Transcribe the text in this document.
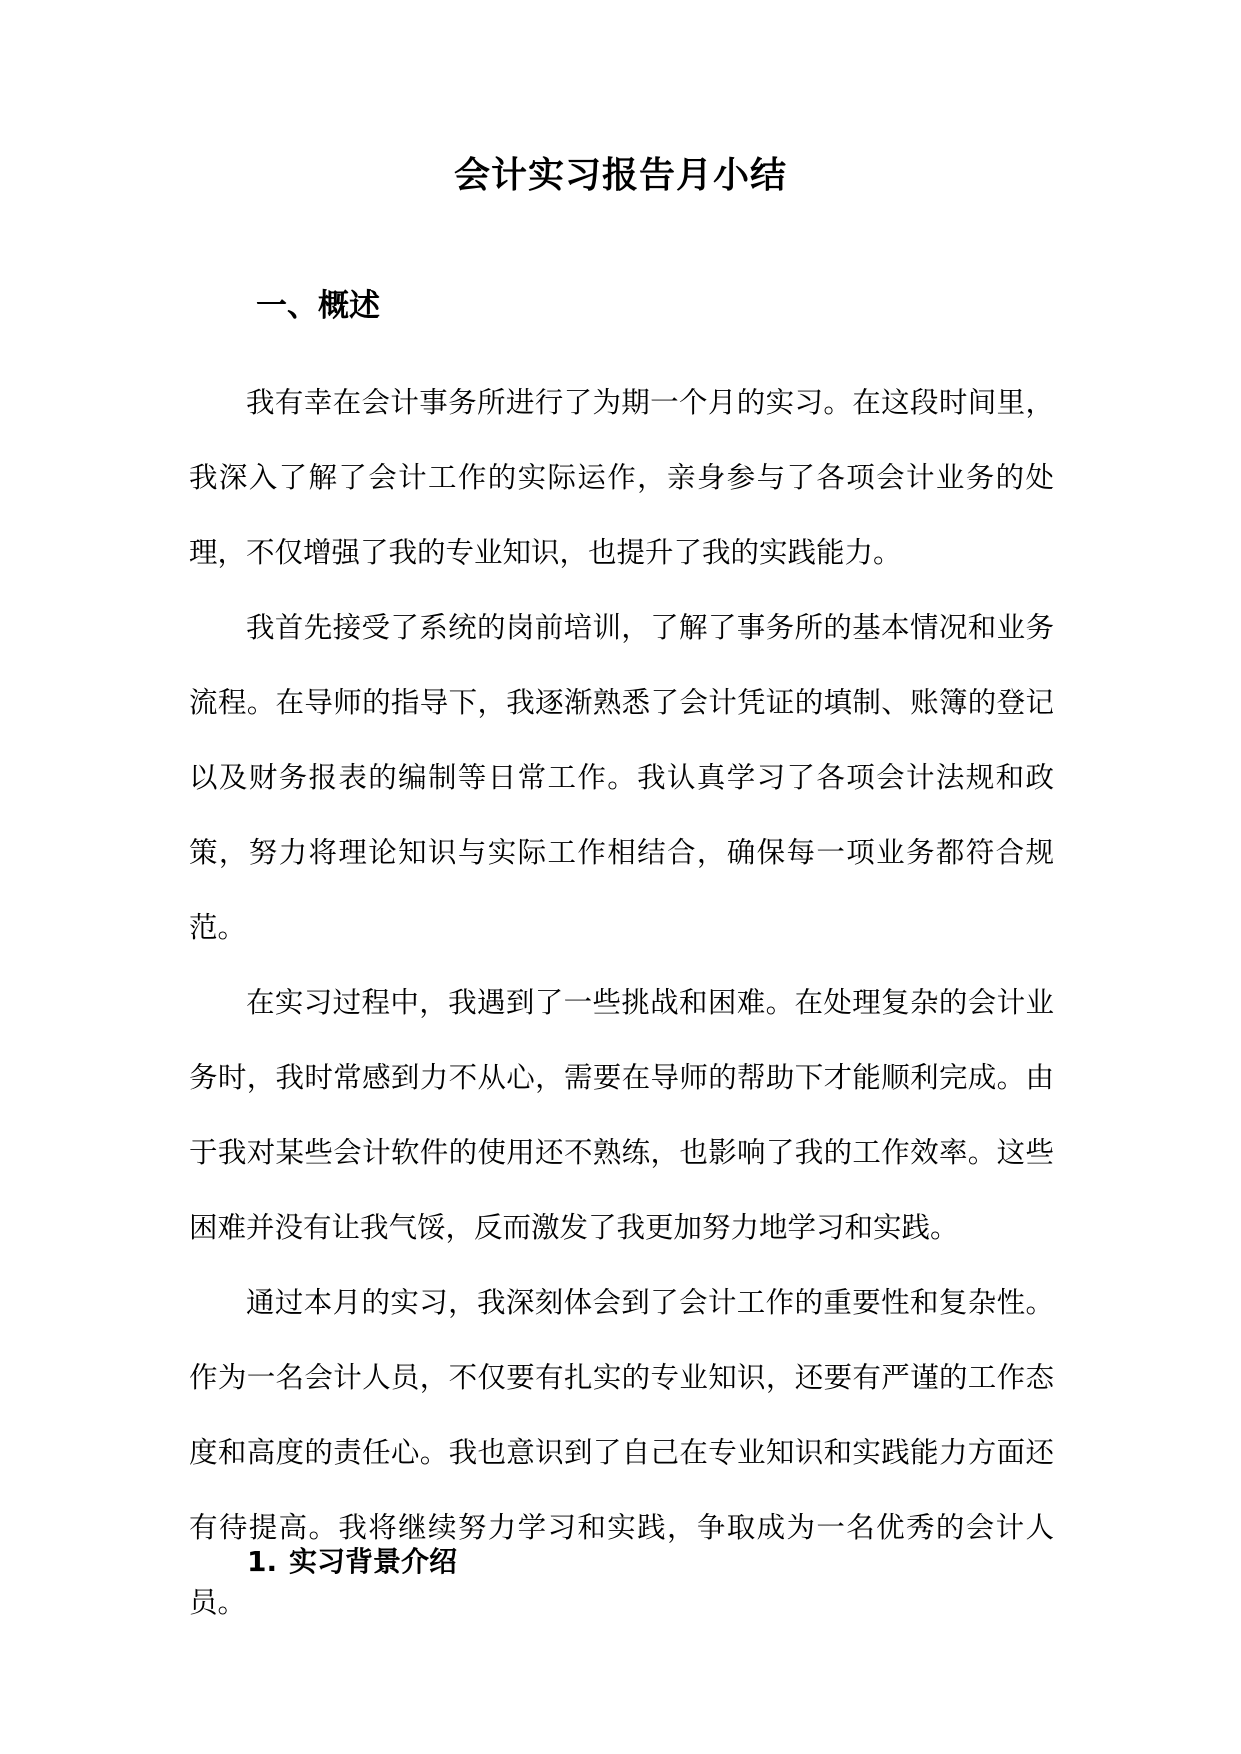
会计实习报告月小结
一、概述

我有幸在会计事务所进行了为期一个月的实习。在这段时间里，我深入了解了会计工作的实际运作，亲身参与了各项会计业务的处理，不仅增强了我的专业知识，也提升了我的实践能力。

我首先接受了系统的岗前培训，了解了事务所的基本情况和业务流程。在导师的指导下，我逐渐熟悉了会计凭证的填制、账簿的登记以及财务报表的编制等日常工作。我认真学习了各项会计法规和政策，努力将理论知识与实际工作相结合，确保每一项业务都符合规范。

在实习过程中，我遇到了一些挑战和困难。在处理复杂的会计业务时，我时常感到力不从心，需要在导师的帮助下才能顺利完成。由于我对某些会计软件的使用还不熟练，也影响了我的工作效率。这些困难并没有让我气馁，反而激发了我更加努力地学习和实践。

通过本月的实习，我深刻体会到了会计工作的重要性和复杂性。作为一名会计人员，不仅要有扎实的专业知识，还要有严谨的工作态度和高度的责任心。我也意识到了自己在专业知识和实践能力方面还有待提高。我将继续努力学习和实践，争取成为一名优秀的会计人员。

1. 实习背景介绍
